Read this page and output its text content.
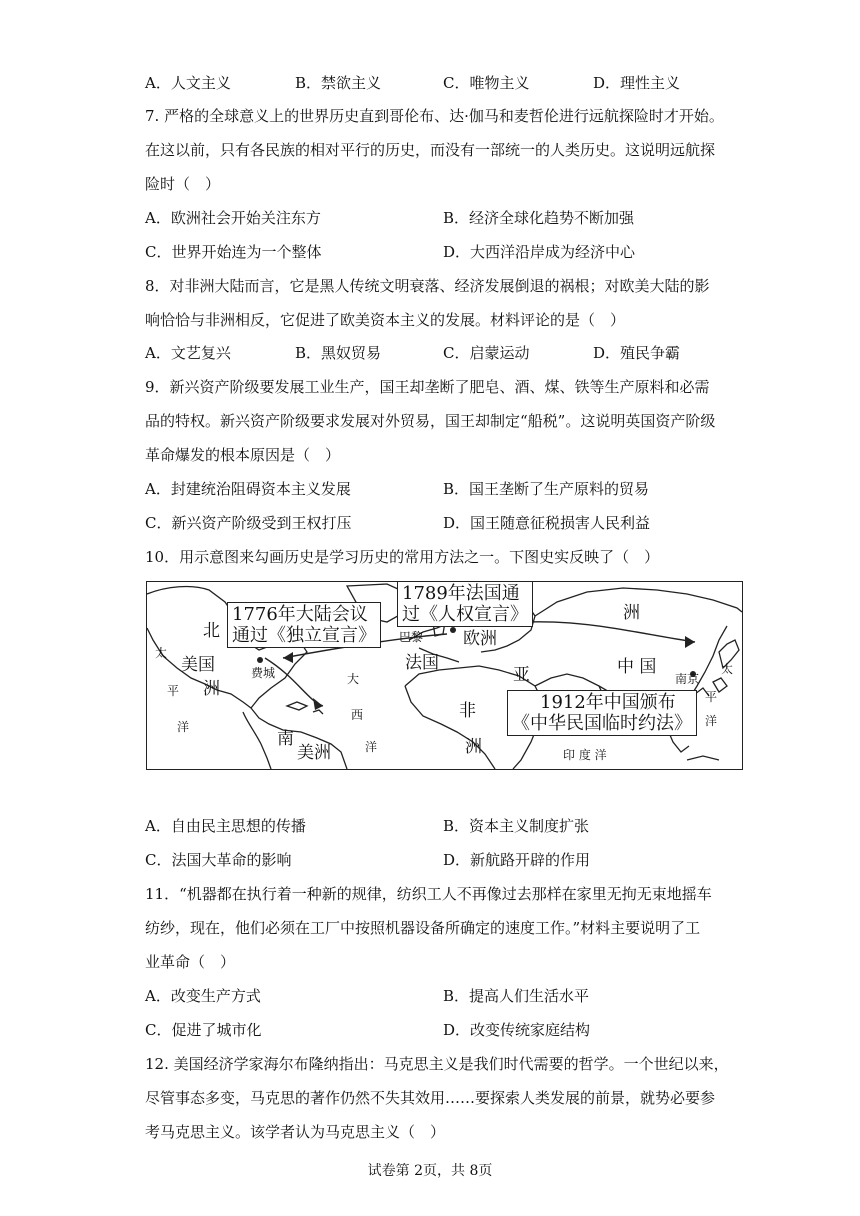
A．人文主义	B．禁欲主义	C．唯物主义	D．理性主义
7. 严格的全球意义上的世界历史直到哥伦布、达·伽马和麦哲伦进行远航探险时才开始。
在这以前，只有各民族的相对平行的历史，而没有一部统一的人类历史。这说明远航探
险时（　）
A．欧洲社会开始关注东方	B．经济全球化趋势不断加强
C．世界开始连为一个整体	D．大西洋沿岸成为经济中心
8．对非洲大陆而言，它是黑人传统文明衰落、经济发展倒退的祸根；对欧美大陆的影
响恰恰与非洲相反，它促进了欧美资本主义的发展。材料评论的是（　）
A．文艺复兴	B．黑奴贸易	C．启蒙运动	D．殖民争霸
9．新兴资产阶级要发展工业生产，国王却垄断了肥皂、酒、煤、铁等生产原料和必需
品的特权。新兴资产阶级要求发展对外贸易，国王却制定“船税”。这说明英国资产阶级
革命爆发的根本原因是（　）
A．封建统治阻碍资本主义发展	B．国王垄断了生产原料的贸易
C．新兴资产阶级受到王权打压	D．国王随意征税损害人民利益
10．用示意图来勾画历史是学习历史的常用方法之一。下图史实反映了（　）
1776年大陆会议
通过《独立宣言》
1789年法国通
过《人权宣言》
1912年中国颁布
《中华民国临时约法》
北
美国
洲
太
平
洋
费城
巴黎
法国
欧洲
亚
洲
大
西
洋
非
洲
南
美洲
中 国
南京
太
平
洋
印 度 洋
A．自由民主思想的传播	B．资本主义制度扩张
C．法国大革命的影响	D．新航路开辟的作用
11．“机器都在执行着一种新的规律，纺织工人不再像过去那样在家里无拘无束地摇车
纺纱，现在，他们必须在工厂中按照机器设备所确定的速度工作。”材料主要说明了工
业革命（　）
A．改变生产方式	B．提高人们生活水平
C．促进了城市化	D．改变传统家庭结构
12. 美国经济学家海尔布隆纳指出：马克思主义是我们时代需要的哲学。一个世纪以来，
尽管事态多变，马克思的著作仍然不失其效用……要探索人类发展的前景，就势必要参
考马克思主义。该学者认为马克思主义（　）
试卷第 2页，共 8页
